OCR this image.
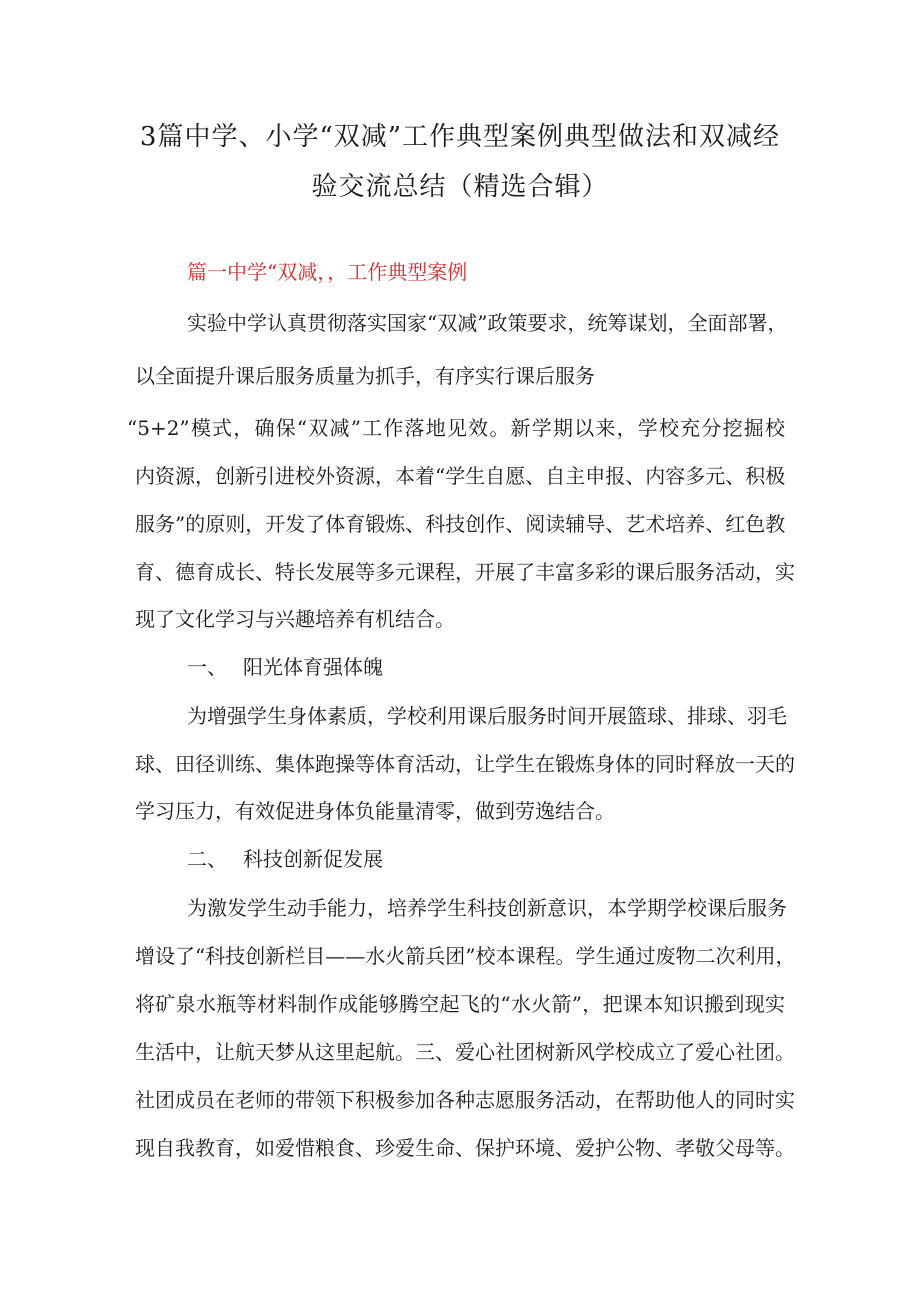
3篇中学、小学“双减”工作典型案例典型做法和双减经
验交流总结（精选合辑）
篇一中学“双减，，工作典型案例
实验中学认真贯彻落实国家“双减”政策要求，统筹谋划，全面部署，
以全面提升课后服务质量为抓手，有序实行课后服务
“5+2”模式，确保“双减”工作落地见效。新学期以来，学校充分挖掘校
内资源，创新引进校外资源，本着“学生自愿、自主申报、内容多元、积极
服务”的原则，开发了体育锻炼、科技创作、阅读辅导、艺术培养、红色教
育、德育成长、特长发展等多元课程，开展了丰富多彩的课后服务活动，实
现了文化学习与兴趣培养有机结合。
一、 阳光体育强体魄
为增强学生身体素质，学校利用课后服务时间开展篮球、排球、羽毛
球、田径训练、集体跑操等体育活动，让学生在锻炼身体的同时释放一天的
学习压力，有效促进身体负能量清零，做到劳逸结合。
二、 科技创新促发展
为激发学生动手能力，培养学生科技创新意识，本学期学校课后服务
增设了“科技创新栏目——水火箭兵团”校本课程。学生通过废物二次利用，
将矿泉水瓶等材料制作成能够腾空起飞的“水火箭”，把课本知识搬到现实
生活中，让航天梦从这里起航。三、爱心社团树新风学校成立了爱心社团。
社团成员在老师的带领下积极参加各种志愿服务活动，在帮助他人的同时实
现自我教育，如爱惜粮食、珍爱生命、保护环境、爱护公物、孝敬父母等。
